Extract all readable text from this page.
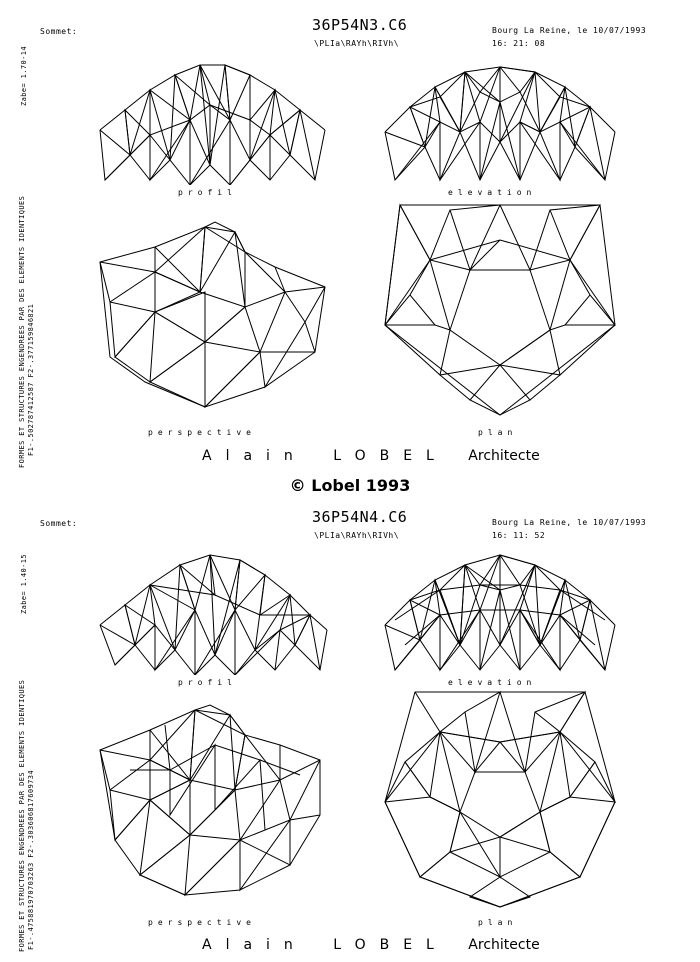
Sommet:	36P54N3.C6
\PLIa\RAYh\RIVh\
Bourg La Reine, le 10/07/1993
16: 21: 08
Zabe= 1.70-14
FORMES ET STRUCTURES ENGENDREES PAR DES ELEMENTS IDENTIQUES F1-.502787412587 F2-.377159846821
profil	elevation
perspective	plan
Alain LOBEL Architecte
© Lobel 1993
Sommet:	36P54N4.C6
\PLIa\RAYh\RIVh\
Bourg La Reine, le 10/07/1993
16: 11: 52
Zabe= 1.40-15
FORMES ET STRUCTURES ENGENDREES PAR DES ELEMENTS IDENTIQUES F1-.475881970703263 F2-.303606817609734
profil	elevation
perspective	plan
Alain LOBEL Architecte
